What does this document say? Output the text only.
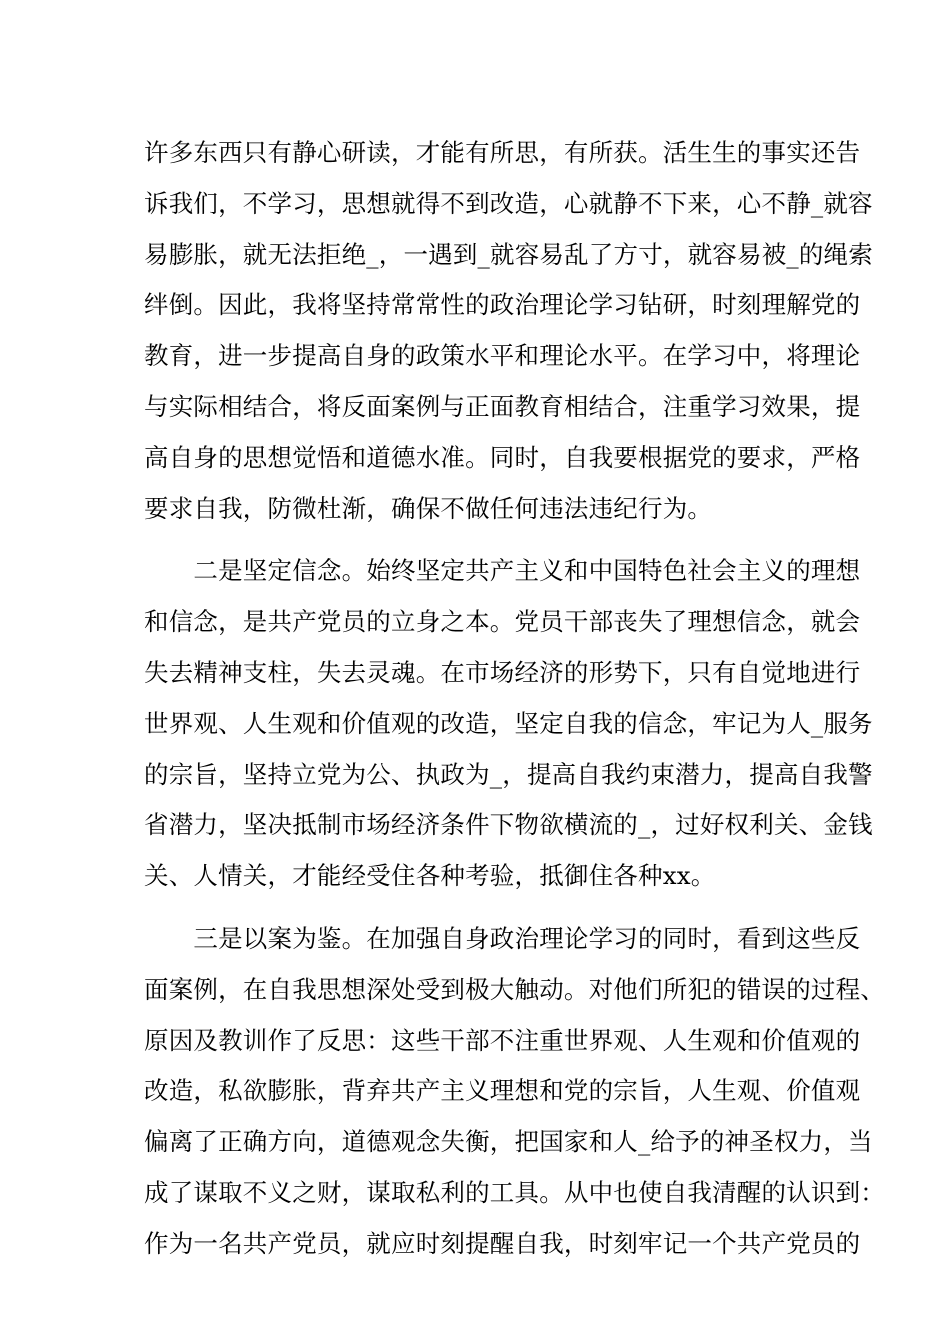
许多东西只有静心研读，才能有所思，有所获。活生生的事实还告
诉我们，不学习，思想就得不到改造，心就静不下来，心不静_就容
易膨胀，就无法拒绝_，一遇到_就容易乱了方寸，就容易被_的绳索
绊倒。因此，我将坚持常常性的政治理论学习钻研，时刻理解党的
教育，进一步提高自身的政策水平和理论水平。在学习中，将理论
与实际相结合，将反面案例与正面教育相结合，注重学习效果，提
高自身的思想觉悟和道德水准。同时，自我要根据党的要求，严格
要求自我，防微杜渐，确保不做任何违法违纪行为。
　　二是坚定信念。始终坚定共产主义和中国特色社会主义的理想
和信念，是共产党员的立身之本。党员干部丧失了理想信念，就会
失去精神支柱，失去灵魂。在市场经济的形势下，只有自觉地进行
世界观、人生观和价值观的改造，坚定自我的信念，牢记为人_服务
的宗旨，坚持立党为公、执政为_，提高自我约束潜力，提高自我警
省潜力，坚决抵制市场经济条件下物欲横流的_，过好权利关、金钱
关、人情关，才能经受住各种考验，抵御住各种xx。
　　三是以案为鉴。在加强自身政治理论学习的同时，看到这些反
面案例，在自我思想深处受到极大触动。对他们所犯的错误的过程、
原因及教训作了反思：这些干部不注重世界观、人生观和价值观的
改造，私欲膨胀，背弃共产主义理想和党的宗旨，人生观、价值观
偏离了正确方向，道德观念失衡，把国家和人_给予的神圣权力，当
成了谋取不义之财，谋取私利的工具。从中也使自我清醒的认识到：
作为一名共产党员，就应时刻提醒自我，时刻牢记一个共产党员的
